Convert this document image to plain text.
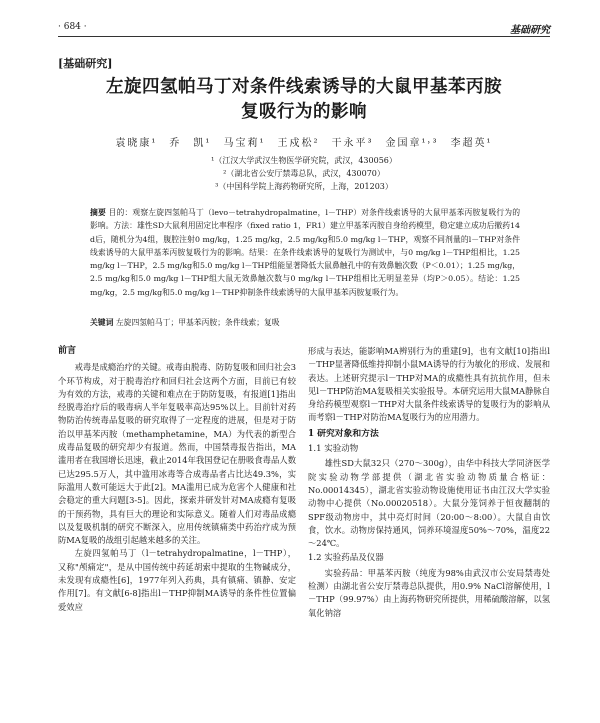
· 684 ·	基础研究
[基础研究]
左旋四氢帕马丁对条件线索诱导的大鼠甲基苯丙胺
复吸行为的影响
袁晓康¹　乔　凯¹　马宝莉¹　王戍松²　干永平³　金国章¹˒³　李超英¹
¹（江汉大学武汉生物医学研究院，武汉，430056）
²（湖北省公安厅禁毒总队，武汉，430070）
³（中国科学院上海药物研究所，上海，201203）
摘要 目的：观察左旋四氢帕马丁（levo－tetrahydropalmatine，l－THP）对条件线索诱导的大鼠甲基苯丙胺复吸行为的影响。方法：雄性SD大鼠利用固定比率程序（fixed ratio 1，FR1）建立甲基苯丙胺自身给药模型，稳定建立成功后撤药14 d后，随机分为4组，腹腔注射0 mg/kg，1.25 mg/kg，2.5 mg/kg和5.0 mg/kg l－THP，观察不同剂量的l－THP对条件线索诱导的大鼠甲基苯丙胺复吸行为的影响。结果：在条件线索诱导的复吸行为测试中，与0 mg/kg l－THP组相比，1.25 mg/kg l－THP，2.5 mg/kg和5.0 mg/kg l－THP组能显著降低大鼠鼻触孔中的有效鼻触次数（P＜0.01）；1.25 mg/kg，2.5 mg/kg和5.0 mg/kg l－THP组大鼠无效鼻触次数与0 mg/kg l－THP组相比无明显差异（均P＞0.05）。结论：1.25 mg/kg，2.5 mg/kg和5.0 mg/kg l－THP抑制条件线索诱导的大鼠甲基苯丙胺复吸行为。
关键词 左旋四氢帕马丁；甲基苯丙胺；条件线索；复吸
前言

戒毒是成瘾治疗的关键。戒毒由脱毒、防防复吸和回归社会3个环节构成，对于脱毒治疗和回归社会这两个方面，目前已有较为有效的方法，戒毒的关键和难点在于防防复吸，有报道[1]指出经脱毒治疗后的吸毒病人半年复吸率高达95%以上。目前针对药物防治传统毒品复吸的研究取得了一定程度的进展，但是对于防治以甲基苯丙胺（methamphetamine，MA）为代表的新型合成毒品复吸的研究却少有报道。然而，中国禁毒报告指出，MA滥用者在我国增长迅速，截止2014年我国登记在册吸食毒品人数已达295.5万人，其中滥用冰毒等合成毒品者占比达49.3%，实际滥用人数可能远大于此[2]。MA滥用已成为危害个人健康和社会稳定的重大问题[3-5]。因此，探索并研发针对MA成瘾有复吸的干预药物，具有巨大的理论和实际意义。随着人们对毒品成瘾以及复吸机制的研究不断深入，应用传统镇痛类中药治疗成为预防MA复吸的战组引起越来越多的关注。

左旋四氢帕马丁（l－tetrahydropalmatine，l－THP），又称"颅痛定"，是从中国传统中药延胡索中提取的生物碱成分，未发现有成瘾性[6]，1977年列入药典，具有镇痛、镇静、安定作用[7]。有文献[6-8]指出l－THP抑制MA诱导的条件性位置偏爱效应

形成与表达，能影响MA辨别行为的重建[9]，也有文献[10]指出l－THP显著降低维持抑制小鼠MA诱导的行为敏化的形成、发展和表达。上述研究提示l－THP对MA的成瘾性具有抗抗作用，但未见l－THP防治MA复吸相关实验报导。本研究运用大鼠MA静脉自身给药模型观察l－THP对大鼠条件线索诱导的复吸行为的影响从而考察l－THP对防治MA复吸行为的应用潜力。

1 研究对象和方法
1.1 实验动物

雄性SD大鼠32只（270～300g），由华中科技大学同济医学院实验动物学部提供（湖北省实验动物质量合格证：No.00014345），湖北省实验动物设施使用证书由江汉大学实验动物中心提供（No.00020518）。大鼠分笼饲养于恒夜翻制的SPF级动物房中，其中亮灯时间（20:00～8:00）。大鼠自由饮食，饮水。动物房保持通风，饲养环境湿度50%～70%，温度22～24℃。

1.2 实验药品及仪器

实验药品：甲基苯丙胺（纯度为98%由武汉市公安局禁毒处检测）由湖北省公安厅禁毒总队提供，用0.9% NaCl溶解使用，l－THP（99.97%）由上海药物研究所提供，用稀硫酸溶解，以氢氧化钠溶
